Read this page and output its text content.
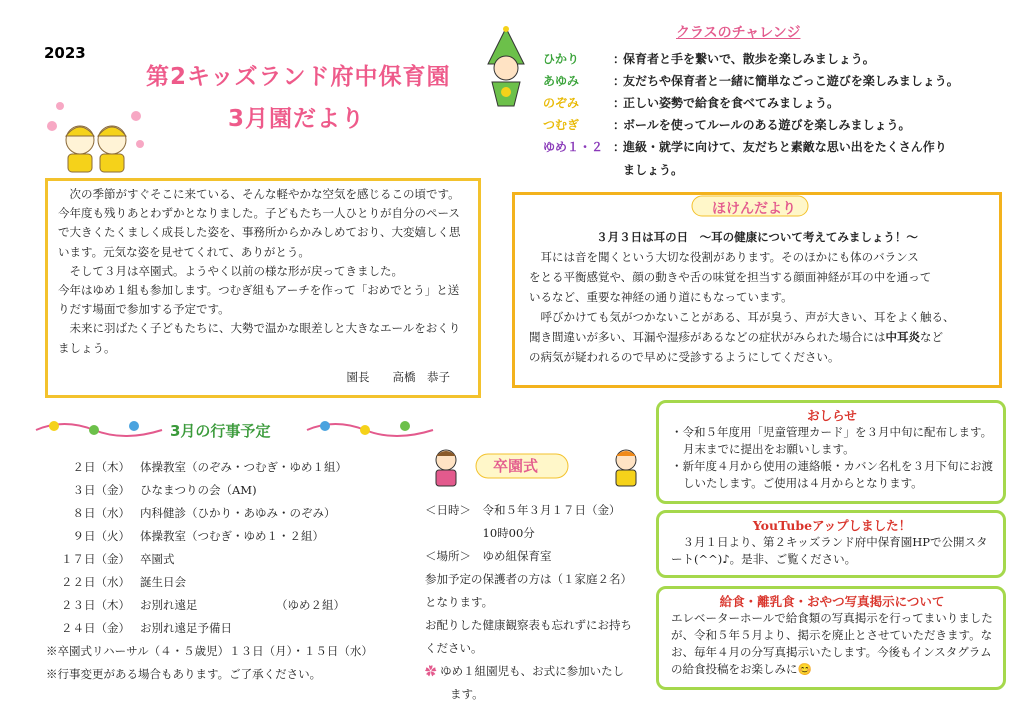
2023
第2キッズランド府中保育園
3月園だより
クラスのチャレンジ
ひかり	：保育者と手を繋いで、散歩を楽しみましょう。
あゆみ	：友だちや保育者と一緒に簡単なごっこ遊びを楽しみましょう。
のぞみ	：正しい姿勢で給食を食べてみましょう。
つむぎ	：ボールを使ってルールのある遊びを楽しみましょう。
ゆめ１・２ ：進級・就学に向けて、友だちと素敵な思い出をたくさん作り
ましょう。

　次の季節がすぐそこに来ている、そんな軽やかな空気を感じるこの頃です。

今年度も残りあとわずかとなりました。子どもたち一人ひとりが自分のペースで大きくたくましく成長した姿を、事務所からかみしめており、大変嬉しく思います。元気な姿を見せてくれて、ありがとう。

　そして３月は卒園式。ようやく以前の様な形が戻ってきました。

今年はゆめ１組も参加します。つむぎ組もアーチを作って「おめでとう」と送りだす場面で参加する予定です。

　未来に羽ばたく子どもたちに、大勢で温かな眼差しと大きなエールをおくりましょう。

園長　　高橋　恭子

３月３日は耳の日　～耳の健康について考えてみましょう！～

　耳には音を聞くという大切な役割があります。そのほかにも体のバランス

をとる平衡感覚や、顔の動きや舌の味覚を担当する顔面神経が耳の中を通って

いるなど、重要な神経の通り道にもなっています。

　呼びかけても気がつかないことがある、耳が臭う、声が大きい、耳をよく触る、

聞き間違いが多い、耳漏や湿疹があるなどの症状がみられた場合には中耳炎など

の病気が疑われるので早めに受診するようにしてください。

ほけんだより
3月の行事予定
２日（木） 体操教室（のぞみ・つむぎ・ゆめ１組）
３日（金） ひなまつりの会（AM)
８日（水） 内科健診（ひかり・あゆみ・のぞみ）
９日（火） 体操教室（つむぎ・ゆめ１・２組）
１７日（金） 卒園式
２２日（水） 誕生日会
２３日（木） お別れ遠足	（ゆめ２組）
２４日（金） お別れ遠足予備日
※卒園式リハーサル（４・５歳児）１３日（月）・１５日（水）
※行事変更がある場合もあります。ご了承ください。
卒園式
＜日時＞　令和５年３月１７日（金）
　　　　　10時00分
＜場所＞　ゆめ組保育室
参加予定の保護者の方は（１家庭２名）
となります。
お配りした健康観察表も忘れずにお持ち
ください。
✿ ゆめ１組園児も、お式に参加いたし
ます。
おしらせ

・令和５年度用「児童管理カード」を３月中旬に配布します。月末までに提出をお願いします。

・新年度４月から使用の連絡帳・カバン名札を３月下旬にお渡しいたします。ご使用は４月からとなります。

YouTubeアップしました！

　３月１日より、第２キッズランド府中保育園HPで公開スタート(^^)♪。是非、ご覧ください。

給食・離乳食・おやつ写真掲示について

エレベーターホールで給食類の写真掲示を行ってまいりましたが、令和５年５月より、掲示を廃止とさせていただきます。なお、毎年４月の分写真掲示いたします。今後もインスタグラムの給食投稿をお楽しみに😊
